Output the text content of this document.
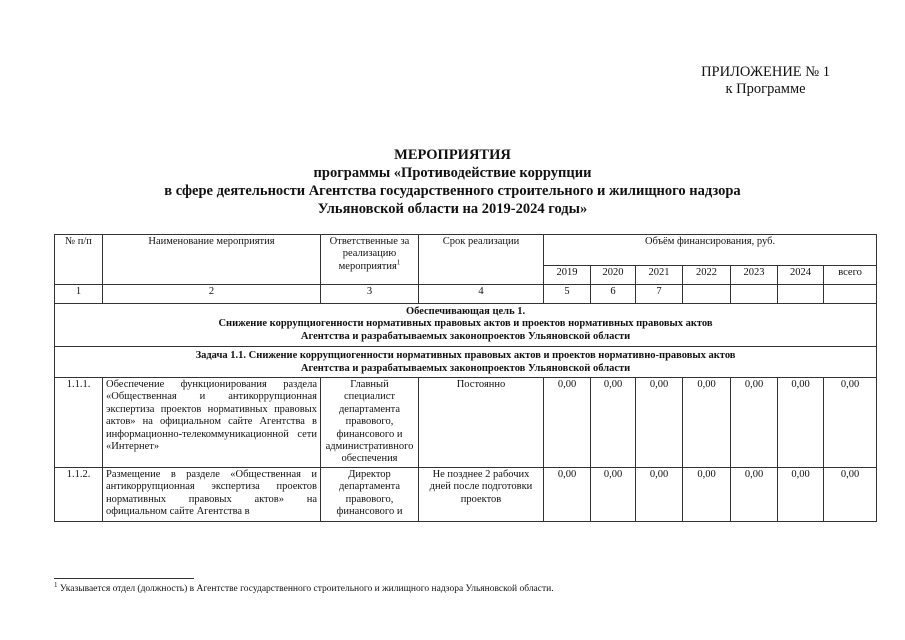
ПРИЛОЖЕНИЕ № 1
к Программе
МЕРОПРИЯТИЯ
программы «Противодействие коррупции
в сфере деятельности Агентства государственного строительного и жилищного надзора
Ульяновской области на 2019-2024 годы»
№ п/п	Наименование мероприятия	Ответственные за реализацию мероприятия$^1$	Срок реализации	Объём финансирования, руб.						
				2019	2020	2021	2022	2023	2024	всего
1	2	3	4	5	6	7				

Обеспечивающая цель 1.
Снижение коррупциогенности нормативных правовых актов и проектов нормативных правовых актов
Агентства и разрабатываемых законопроектов Ульяновской области										

Задача 1.1. Снижение коррупциогенности нормативных правовых актов и проектов нормативно-правовых актов
Агентства и разрабатываемых законопроектов Ульяновской области										

1.1.1.	Обеспечение функционирования раздела «Общественная и антикоррупционная экспертиза проектов нормативных правовых актов» на официальном сайте Агентства в информационно-телекоммуникационной сети «Интернет»	Главный специалист департамента правового, финансового и административного обеспечения	Постоянно	0,00	0,00	0,00	0,00	0,00	0,00	0,00
1.1.2.	Размещение в разделе «Общественная и антикоррупционная экспертиза проектов нормативных правовых актов» на официальном сайте Агентства в	Директор департамента правового, финансового и	Не позднее 2 рабочих дней после подготовки проектов	0,00	0,00	0,00	0,00	0,00	0,00	0,00
$^1$ Указывается отдел (должность) в Агентстве государственного строительного и жилищного надзора Ульяновской области.
